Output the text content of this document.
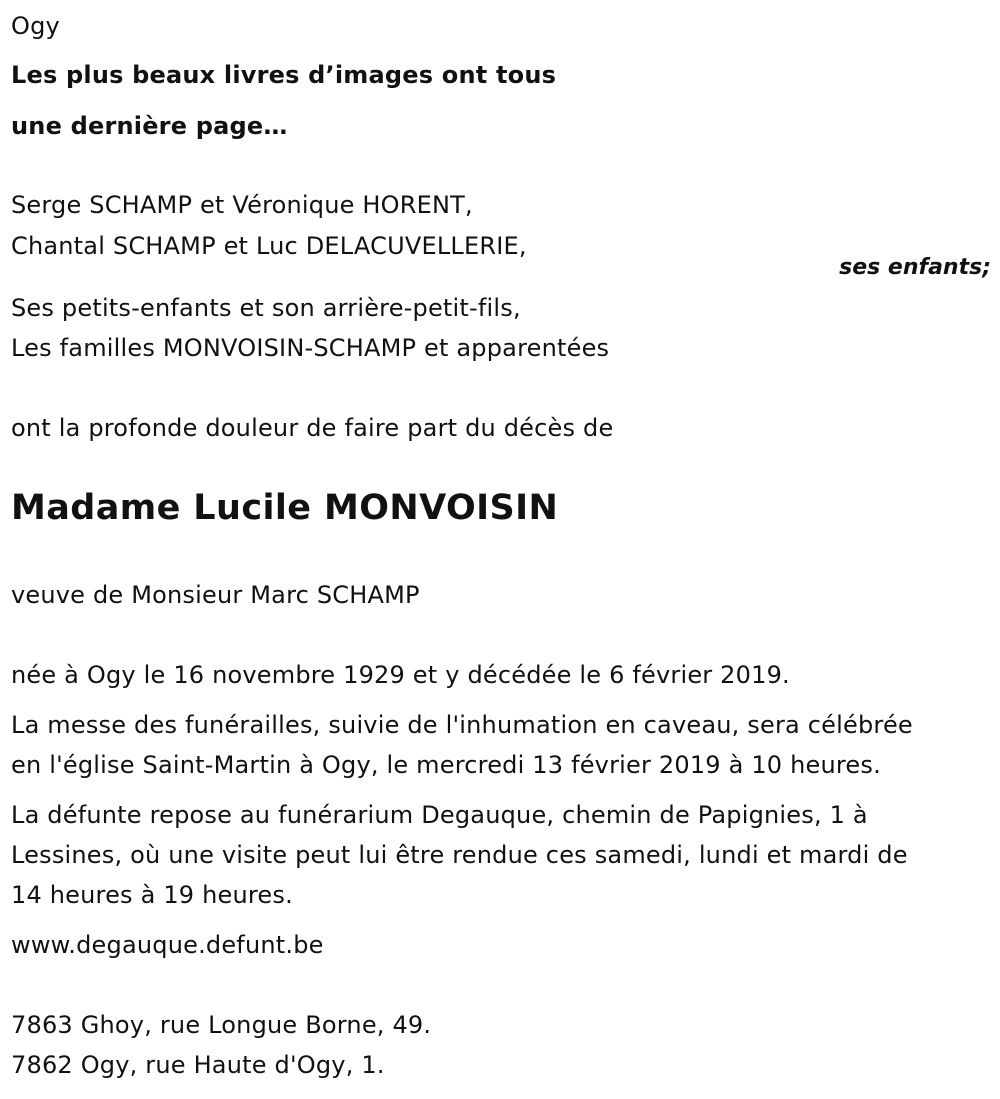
Ogy
Les plus beaux livres d’images ont tous
une dernière page…
Serge SCHAMP et Véronique HORENT,
Chantal SCHAMP et Luc DELACUVELLERIE,
ses enfants;
Ses petits-enfants et son arrière-petit-fils,
Les familles MONVOISIN-SCHAMP et apparentées
ont la profonde douleur de faire part du décès de
Madame Lucile MONVOISIN
veuve de Monsieur Marc SCHAMP
née à Ogy le 16 novembre 1929 et y décédée le 6 février 2019.
La messe des funérailles, suivie de l'inhumation en caveau, sera célébrée
en l'église Saint-Martin à Ogy, le mercredi 13 février 2019 à 10 heures.
La défunte repose au funérarium Degauque, chemin de Papignies, 1 à
Lessines, où une visite peut lui être rendue ces samedi, lundi et mardi de
14 heures à 19 heures.
www.degauque.defunt.be
7863 Ghoy, rue Longue Borne, 49.
7862 Ogy, rue Haute d'Ogy, 1.
